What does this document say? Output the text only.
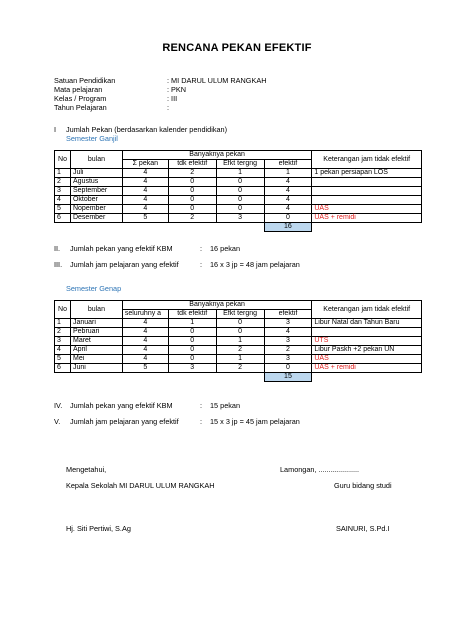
RENCANA PEKAN EFEKTIF
Satuan Pendidikan	: MI DARUL ULUM RANGKAH
Mata pelajaran	: PKN
Kelas / Program	: III
Tahun Pelajaran	:
I Jumlah Pekan (berdasarkan kalender pendidikan)
Semester Ganjil
No	bulan	Banyaknya pekan				Keterangan jam tidak efektif
		Σ pekan	tdk efektif	Efkt tergng	efektif	
1	Juli	4	2	1	1	1 pekan persiapan LOS
2	Agustus	4	0	0	4	
3	September	4	0	0	4	
4	Oktober	4	0	0	4	
5	Nopember	4	0	0	4	UAS
6	Desember	5	2	3	0	UAS + remidi
					16	
II. Jumlah pekan yang efektif KBM	: 16 pekan
III. Jumlah jam pelajaran yang efektif	: 16 x 3 jp = 48 jam pelajaran
Semester Genap
No	bulan	Banyaknya pekan				Keterangan jam tidak efektif
		seluruhny a	tdk efektif	Efkt tergng	efektif	
1	Januari	4	1	0	3	Libur Natal dan Tahun Baru
2	Pebruari	4	0	0	4	
3	Maret	4	0	1	3	UTS
4	April	4	0	2	2	Libur Paskh +2 pekan UN
5	Mei	4	0	1	3	UAS
6	Juni	5	3	2	0	UAS + remidi
					15	
IV. Jumlah pekan yang efektif KBM	: 15 pekan
V. Jumlah jam pelajaran yang efektif	: 15 x 3 jp = 45 jam pelajaran
Mengetahui,	Lamongan, ....................
Kepala Sekolah MI DARUL ULUM RANGKAH	Guru bidang studi
Hj. Siti Pertiwi, S.Ag	SAINURI, S.Pd.I
